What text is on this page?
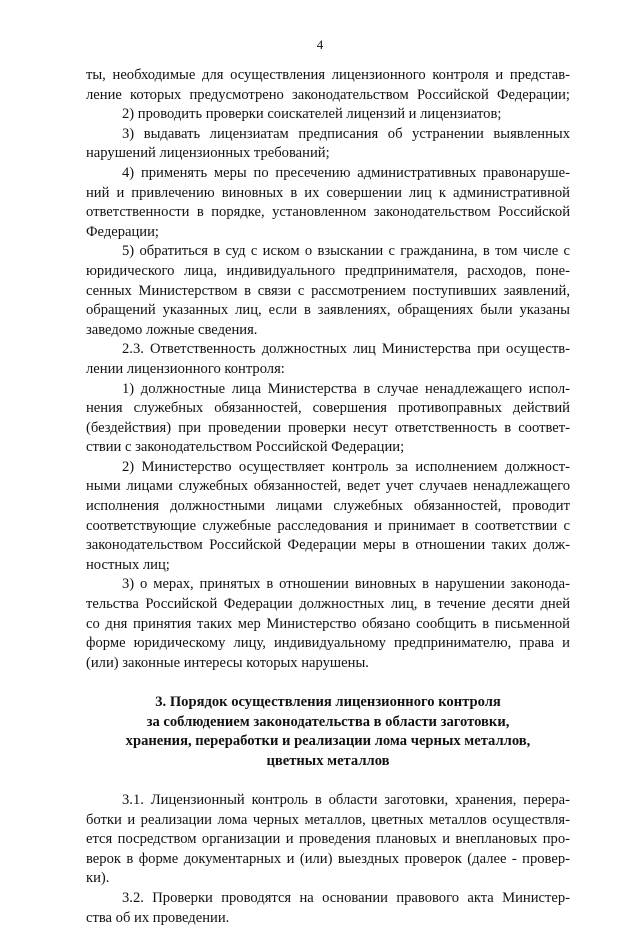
4
ты, необходимые для осуществления лицензионного контроля и представ-
ление которых предусмотрено законодательством Российской Федерации;
2) проводить проверки соискателей лицензий и лицензиатов;
3) выдавать лицензиатам предписания об устранении выявленных
нарушений лицензионных требований;
4) применять меры по пресечению административных правонаруше-
ний и привлечению виновных в их совершении лиц к административной
ответственности в порядке, установленном законодательством Российской
Федерации;
5) обратиться в суд с иском о взыскании с гражданина, в том числе с
юридического лица, индивидуального предпринимателя, расходов, поне-
сенных Министерством в связи с рассмотрением поступивших заявлений,
обращений указанных лиц, если в заявлениях, обращениях были указаны
заведомо ложные сведения.
2.3. Ответственность должностных лиц Министерства при осуществ-
лении лицензионного контроля:
1) должностные лица Министерства в случае ненадлежащего испол-
нения служебных обязанностей, совершения противоправных действий
(бездействия) при проведении проверки несут ответственность в соответ-
ствии с законодательством Российской Федерации;
2) Министерство осуществляет контроль за исполнением должност-
ными лицами служебных обязанностей, ведет учет случаев ненадлежащего
исполнения должностными лицами служебных обязанностей, проводит
соответствующие служебные расследования и принимает в соответствии с
законодательством Российской Федерации меры в отношении таких долж-
ностных лиц;
3) о мерах, принятых в отношении виновных в нарушении законода-
тельства Российской Федерации должностных лиц, в течение десяти дней
со дня принятия таких мер Министерство обязано сообщить в письменной
форме юридическому лицу, индивидуальному предпринимателю, права и
(или) законные интересы которых нарушены.
3. Порядок осуществления лицензионного контроля
за соблюдением законодательства в области заготовки,
хранения, переработки и реализации лома черных металлов,
цветных металлов
3.1. Лицензионный контроль в области заготовки, хранения, перера-
ботки и реализации лома черных металлов, цветных металлов осуществля-
ется посредством организации и проведения плановых и внеплановых про-
верок в форме документарных и (или) выездных проверок (далее - провер-
ки).
3.2. Проверки проводятся на основании правового акта Министер-
ства об их проведении.
